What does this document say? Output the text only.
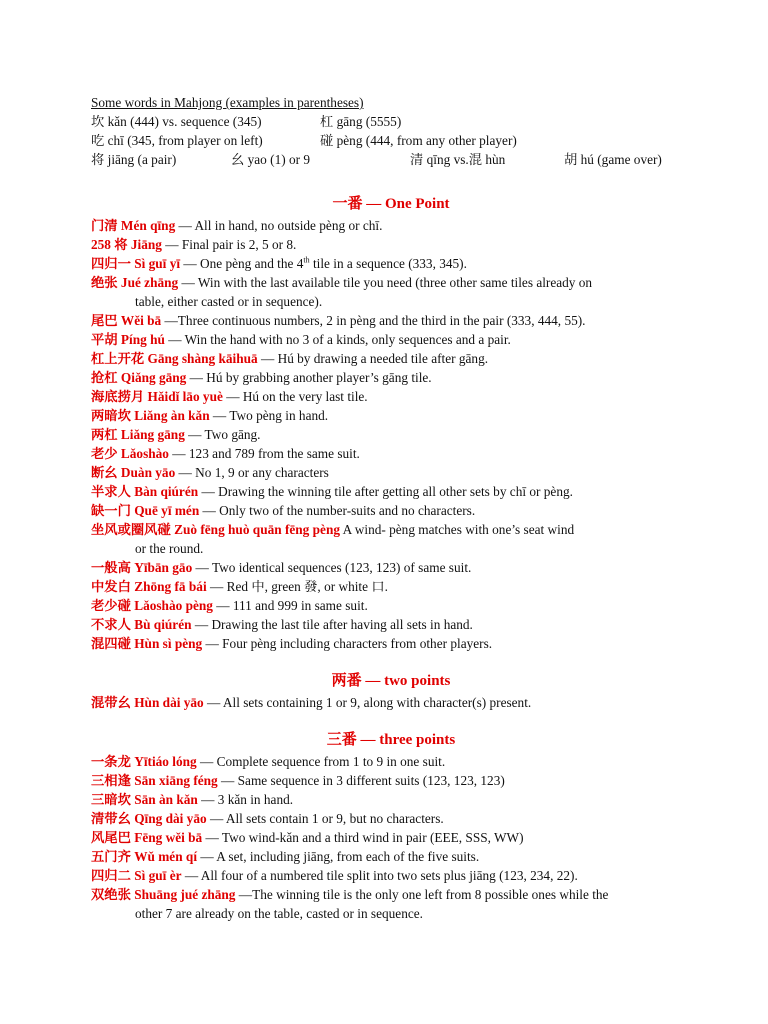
Some words in Mahjong (examples in parentheses)
坎 kǎn (444) vs. sequence (345)	杠 gāng (5555)
吃 chī (345, from player on left)	碰 pèng (444, from any other player)
将 jiāng (a pair)	幺 yao (1) or 9	清 qīng vs.混 hùn	胡 hú (game over)
一番 — One Point
门清 Mén qīng — All in hand, no outside pèng or chī.
258 将 Jiāng — Final pair is 2, 5 or 8.
四归一 Sì guī yī — One pèng and the 4th tile in a sequence (333, 345).
绝张 Jué zhāng — Win with the last available tile you need (three other same tiles already on
table, either casted or in sequence).
尾巴 Wěi bā —Three continuous numbers, 2 in pèng and the third in the pair (333, 444, 55).
平胡 Píng hú — Win the hand with no 3 of a kinds, only sequences and a pair.
杠上开花 Gāng shàng kāihuā — Hú by drawing a needed tile after gāng.
抢杠 Qiǎng gāng — Hú by grabbing another player’s gāng tile.
海底捞月 Hǎidǐ lāo yuè — Hú on the very last tile.
两暗坎 Liǎng àn kǎn — Two pèng in hand.
两杠 Liǎng gāng — Two gāng.
老少 Lǎoshào — 123 and 789 from the same suit.
断幺 Duàn yāo — No 1, 9 or any characters
半求人 Bàn qiúrén — Drawing the winning tile after getting all other sets by chī or pèng.
缺一门 Quē yī mén — Only two of the number-suits and no characters.
坐风或圈风碰 Zuò fēng huò quān fēng pèng A wind- pèng matches with one’s seat wind
or the round.
一般高 Yībān gāo — Two identical sequences (123, 123) of same suit.
中发白 Zhōng fā bái — Red 中, green 發, or white 口.
老少碰 Lǎoshào pèng — 111 and 999 in same suit.
不求人 Bù qiúrén — Drawing the last tile after having all sets in hand.
混四碰 Hùn sì pèng — Four pèng including characters from other players.
两番 — two points
混带幺 Hùn dài yāo — All sets containing 1 or 9, along with character(s) present.
三番 — three points
一条龙 Yītiáo lóng — Complete sequence from 1 to 9 in one suit.
三相逢 Sān xiāng féng — Same sequence in 3 different suits (123, 123, 123)
三暗坎 Sān àn kǎn — 3 kǎn in hand.
清带幺 Qīng dài yāo — All sets contain 1 or 9, but no characters.
风尾巴 Fēng wěi bā — Two wind-kǎn and a third wind in pair (EEE, SSS, WW)
五门齐 Wǔ mén qí — A set, including jiāng, from each of the five suits.
四归二 Sì guī èr — All four of a numbered tile split into two sets plus jiāng (123, 234, 22).
双绝张 Shuāng jué zhāng —The winning tile is the only one left from 8 possible ones while the
other 7 are already on the table, casted or in sequence.
